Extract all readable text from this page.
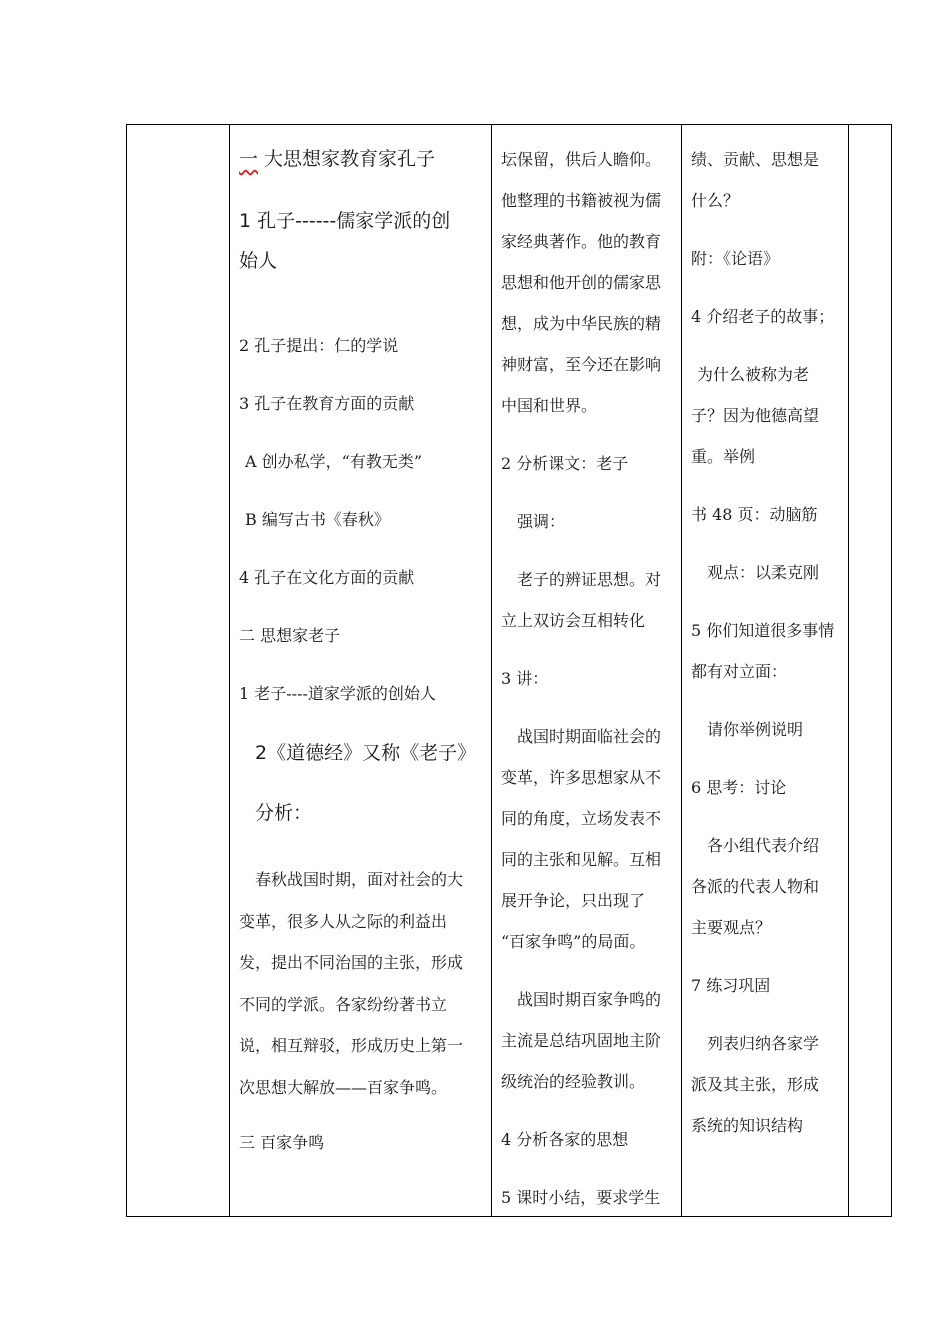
一 大思想家教育家孔子

1 孔子------儒家学派的创

始人

2 孔子提出：仁的学说

3 孔子在教育方面的贡献

A 创办私学，“有教无类”

B 编写古书《春秋》

4 孔子在文化方面的贡献

二 思想家老子

1 老子----道家学派的创始人

2《道德经》又称《老子》

分析：

春秋战国时期，面对社会的大

变革，很多人从之际的利益出

发，提出不同治国的主张，形成

不同的学派。各家纷纷著书立

说，相互辩驳，形成历史上第一

次思想大解放——百家争鸣。

三 百家争鸣

坛保留，供后人瞻仰。

他整理的书籍被视为儒

家经典著作。他的教育

思想和他开创的儒家思

想，成为中华民族的精

神财富，至今还在影响

中国和世界。

2 分析课文：老子

强调：

老子的辨证思想。对

立上双访会互相转化

3 讲：

战国时期面临社会的

变革，许多思想家从不

同的角度，立场发表不

同的主张和见解。互相

展开争论，只出现了

“百家争鸣”的局面。

战国时期百家争鸣的

主流是总结巩固地主阶

级统治的经验教训。

4 分析各家的思想

5 课时小结，要求学生

绩、贡献、思想是

什么？

附：《论语》

4 介绍老子的故事；

为什么被称为老

子？因为他德高望

重。举例

书 48 页：动脑筋

观点：以柔克刚

5 你们知道很多事情

都有对立面：

请你举例说明

6 思考：讨论

各小组代表介绍

各派的代表人物和

主要观点？

7 练习巩固

列表归纳各家学

派及其主张，形成

系统的知识结构
